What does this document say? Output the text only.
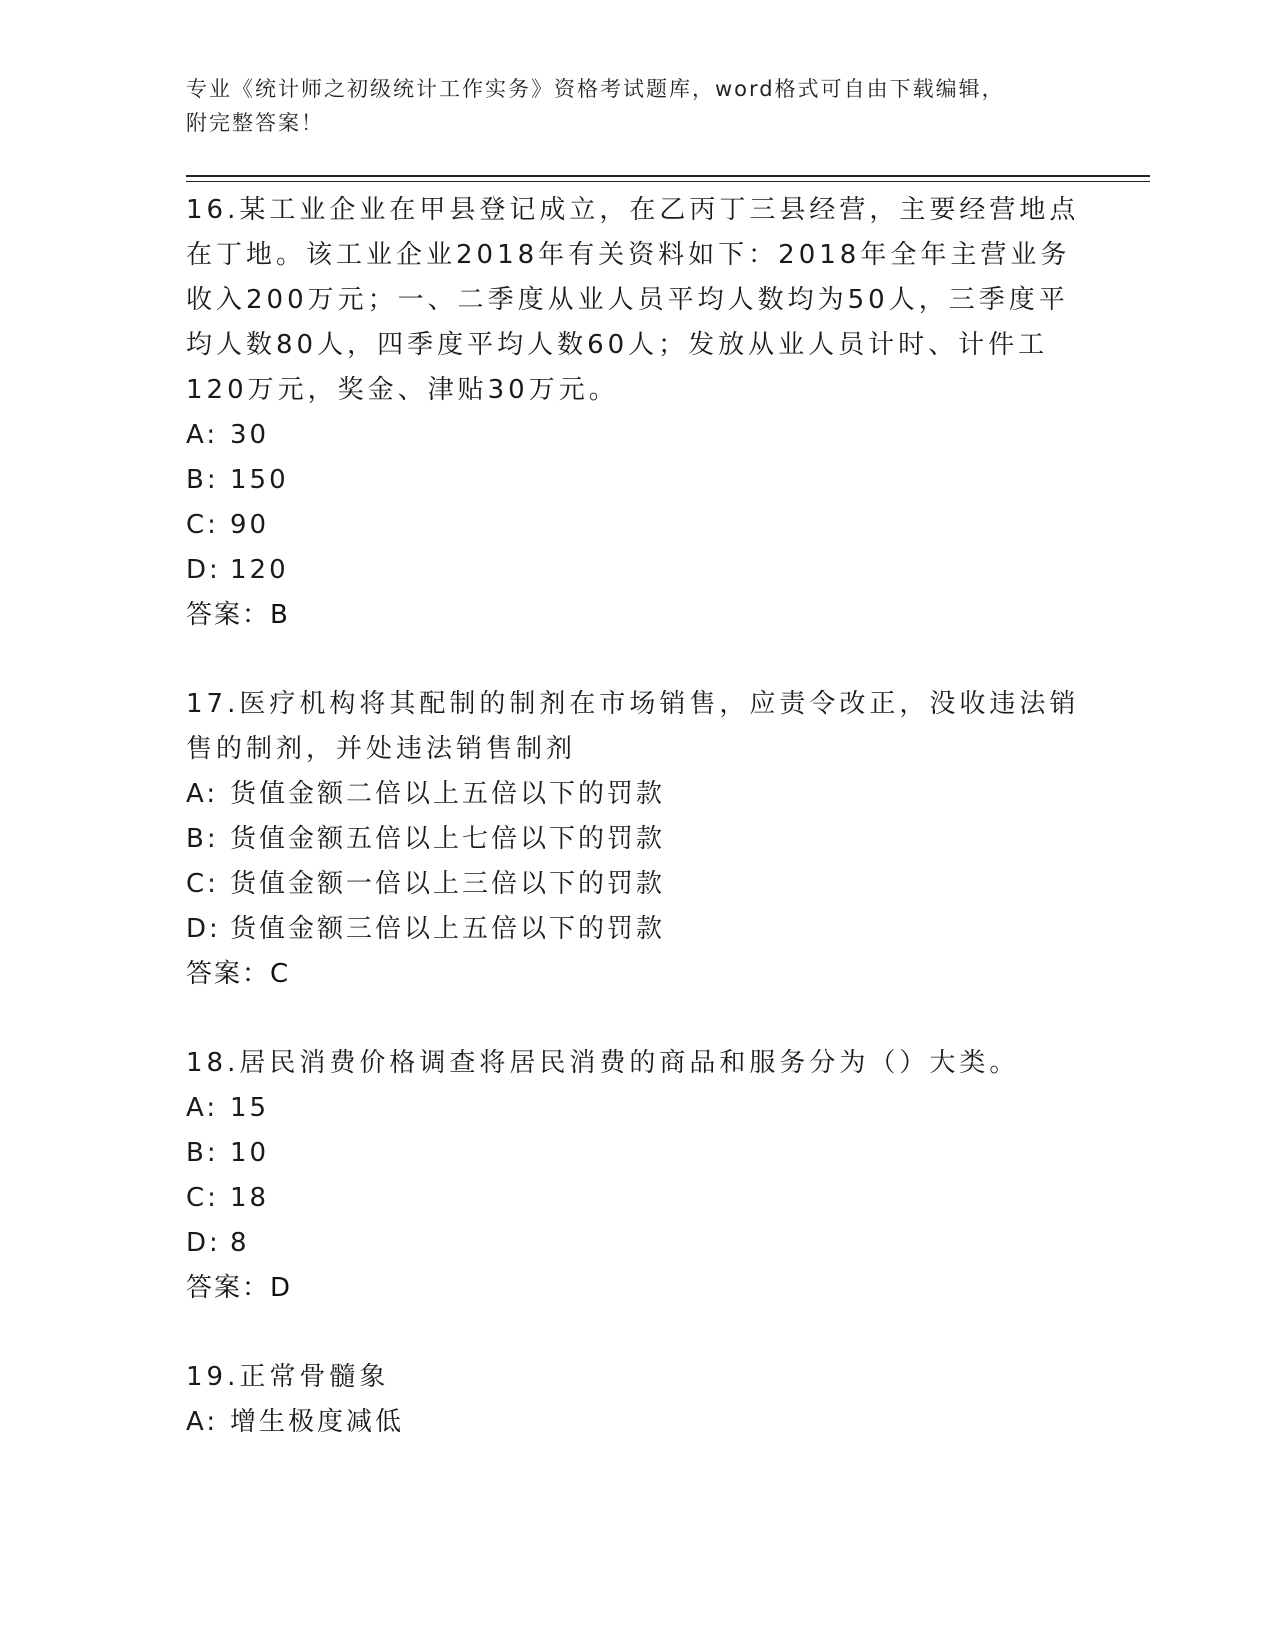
专业《统计师之初级统计工作实务》资格考试题库，word格式可自由下载编辑，
附完整答案！
16.某工业企业在甲县登记成立，在乙丙丁三县经营，主要经营地点在丁地。该工业企业2018年有关资料如下：2018年全年主营业务收入200万元；一、二季度从业人员平均人数均为50人，三季度平均人数80人，四季度平均人数60人；发放从业人员计时、计件工120万元，奖金、津贴30万元。
A: 30
B: 150
C: 90
D: 120
答案：B
17.医疗机构将其配制的制剂在市场销售，应责令改正，没收违法销售的制剂，并处违法销售制剂
A: 货值金额二倍以上五倍以下的罚款
B: 货值金额五倍以上七倍以下的罚款
C: 货值金额一倍以上三倍以下的罚款
D: 货值金额三倍以上五倍以下的罚款
答案：C
18.居民消费价格调查将居民消费的商品和服务分为（）大类。
A: 15
B: 10
C: 18
D: 8
答案：D
19.正常骨髓象
A: 增生极度减低
